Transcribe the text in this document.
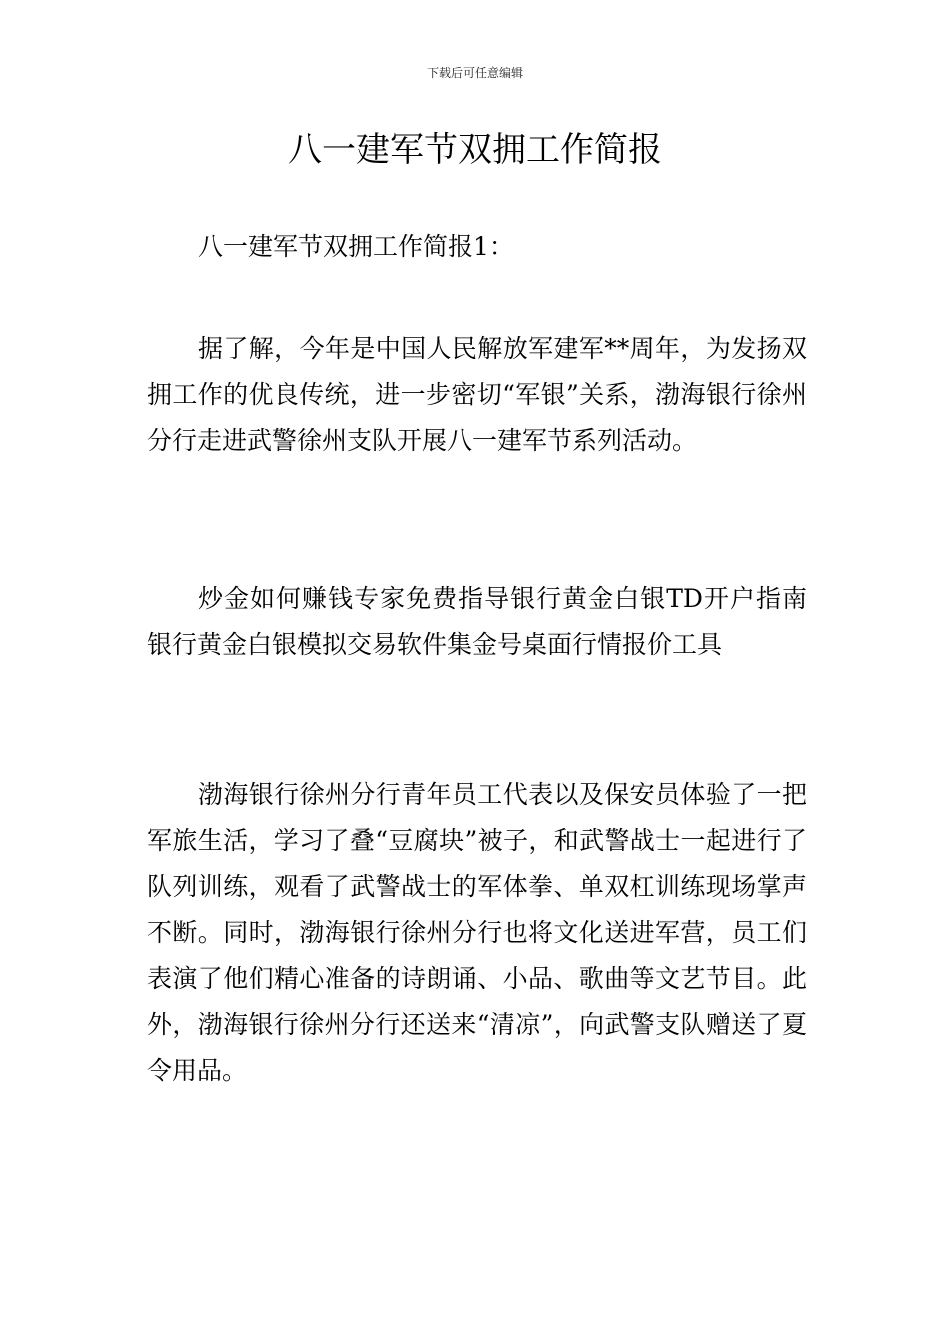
下载后可任意编辑
八一建军节双拥工作简报

八一建军节双拥工作简报1：

据了解，今年是中国人民解放军建军**周年，为发扬双拥工作的优良传统，进一步密切“军银”关系，渤海银行徐州分行走进武警徐州支队开展八一建军节系列活动。

炒金如何赚钱专家免费指导银行黄金白银TD开户指南银行黄金白银模拟交易软件集金号桌面行情报价工具

渤海银行徐州分行青年员工代表以及保安员体验了一把军旅生活，学习了叠“豆腐块”被子，和武警战士一起进行了队列训练，观看了武警战士的军体拳、单双杠训练现场掌声不断。同时，渤海银行徐州分行也将文化送进军营，员工们表演了他们精心准备的诗朗诵、小品、歌曲等文艺节目。此外，渤海银行徐州分行还送来“清凉”，向武警支队赠送了夏令用品。
